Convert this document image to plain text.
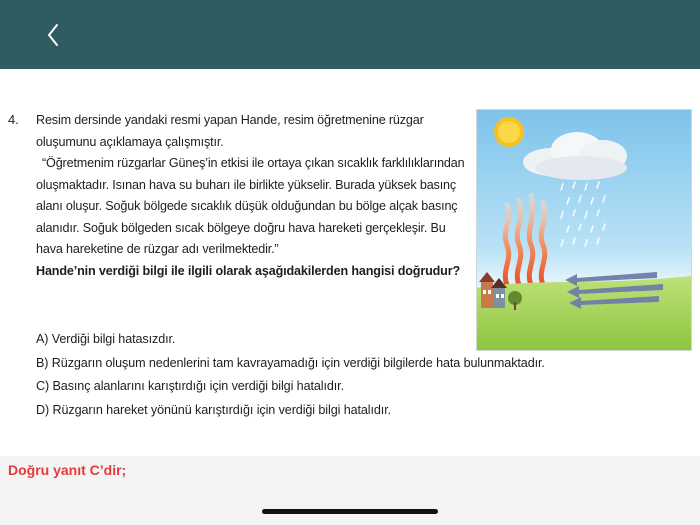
4. Resim dersinde yandaki resmi yapan Hande, resim öğretmenine rüzgar oluşumunu açıklamaya çalışmıştır.

“Öğretmenim rüzgarlar Güneş’in etkisi ile ortaya çıkan sıcaklık farklılıklarından oluşmaktadır. Isınan hava su buharı ile birlikte yükselir. Burada yüksek basınç alanı oluşur. Soğuk bölgede sıcaklık düşük olduğundan bu bölge alçak basınç alanıdır. Soğuk bölgeden sıcak bölgeye doğru hava hareketi gerçekleşir. Bu hava hareketine de rüzgar adı verilmektedir.”

Hande’nin verdiği bilgi ile ilgili olarak aşağıdakilerden hangisi doğrudur?

A) Verdiği bilgi hatasızdır.
B) Rüzgarın oluşum nedenlerini tam kavrayamadığı için verdiği bilgilerde hata bulunmaktadır.
C) Basınç alanlarını karıştırdığı için verdiği bilgi hatalıdır.
D) Rüzgarın hareket yönünü karıştırdığı için verdiği bilgi hatalıdır.
Doğru yanıt C’dir;
